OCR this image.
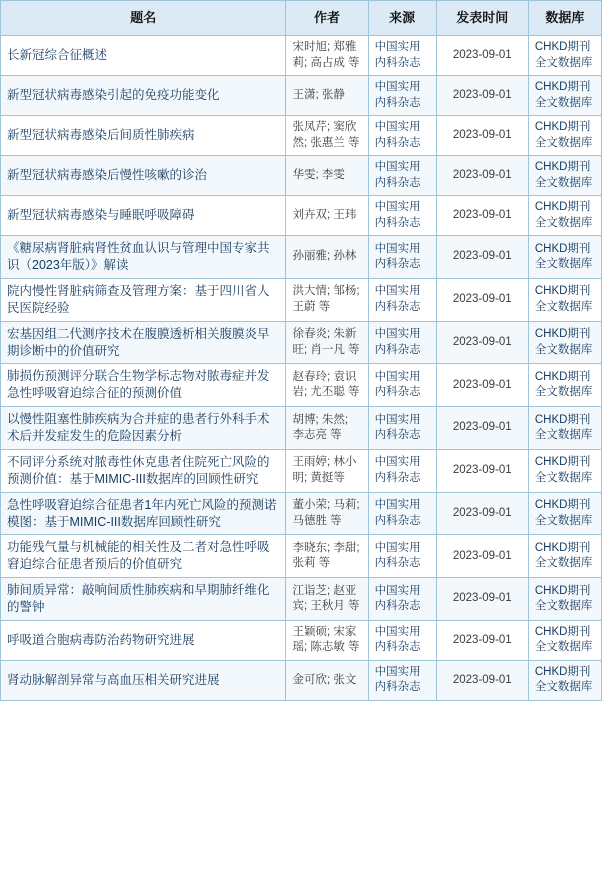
题名	作者	来源	发表时间	数据库
长新冠综合征概述	宋时旭; 郑雅莉; 高占成 等	中国实用内科杂志	2023-09-01	CHKD期刊全文数据库
新型冠状病毒感染引起的免疫功能变化	王潇; 张静	中国实用内科杂志	2023-09-01	CHKD期刊全文数据库
新型冠状病毒感染后间质性肺疾病	张凤芹; 窦欣然; 张惠兰 等	中国实用内科杂志	2023-09-01	CHKD期刊全文数据库
新型冠状病毒感染后慢性咳嗽的诊治	华雯; 李雯	中国实用内科杂志	2023-09-01	CHKD期刊全文数据库
新型冠状病毒感染与睡眠呼吸障碍	刘卉双; 王玮	中国实用内科杂志	2023-09-01	CHKD期刊全文数据库
《糖尿病肾脏病肾性贫血认识与管理中国专家共识（2023年版）》解读	孙丽雅; 孙林	中国实用内科杂志	2023-09-01	CHKD期刊全文数据库
院内慢性肾脏病筛查及管理方案：基于四川省人民医院经验	洪大情; 邹杨; 王蔚 等	中国实用内科杂志	2023-09-01	CHKD期刊全文数据库
宏基因组二代测序技术在腹膜透析相关腹膜炎早期诊断中的价值研究	徐春炎; 朱新旺; 肖一凡 等	中国实用内科杂志	2023-09-01	CHKD期刊全文数据库
肺损伤预测评分联合生物学标志物对脓毒症并发急性呼吸窘迫综合征的预测价值	赵春玲; 袁识岩; 尤丕聪 等	中国实用内科杂志	2023-09-01	CHKD期刊全文数据库
以慢性阻塞性肺疾病为合并症的患者行外科手术术后并发症发生的危险因素分析	胡博; 朱然; 李志亮 等	中国实用内科杂志	2023-09-01	CHKD期刊全文数据库
不同评分系统对脓毒性休克患者住院死亡风险的预测价值：基于MIMIC-III数据库的回顾性研究	王雨婷; 林小明; 黄挺等	中国实用内科杂志	2023-09-01	CHKD期刊全文数据库
急性呼吸窘迫综合征患者1年内死亡风险的预测诺模图：基于MIMIC-III数据库回顾性研究	董小荣; 马莉; 马德胜 等	中国实用内科杂志	2023-09-01	CHKD期刊全文数据库
功能残气量与机械能的相关性及二者对急性呼吸窘迫综合征患者预后的价值研究	李晓东; 李甜; 张莉 等	中国实用内科杂志	2023-09-01	CHKD期刊全文数据库
肺间质异常：敲响间质性肺疾病和早期肺纤维化的警钟	江诣芝; 赵亚宾; 王秋月 等	中国实用内科杂志	2023-09-01	CHKD期刊全文数据库
呼吸道合胞病毒防治药物研究进展	王颖硕; 宋家瑶; 陈志敏 等	中国实用内科杂志	2023-09-01	CHKD期刊全文数据库
肾动脉解剖异常与高血压相关研究进展	金可欣; 张文	中国实用内科杂志	2023-09-01	CHKD期刊全文数据库
